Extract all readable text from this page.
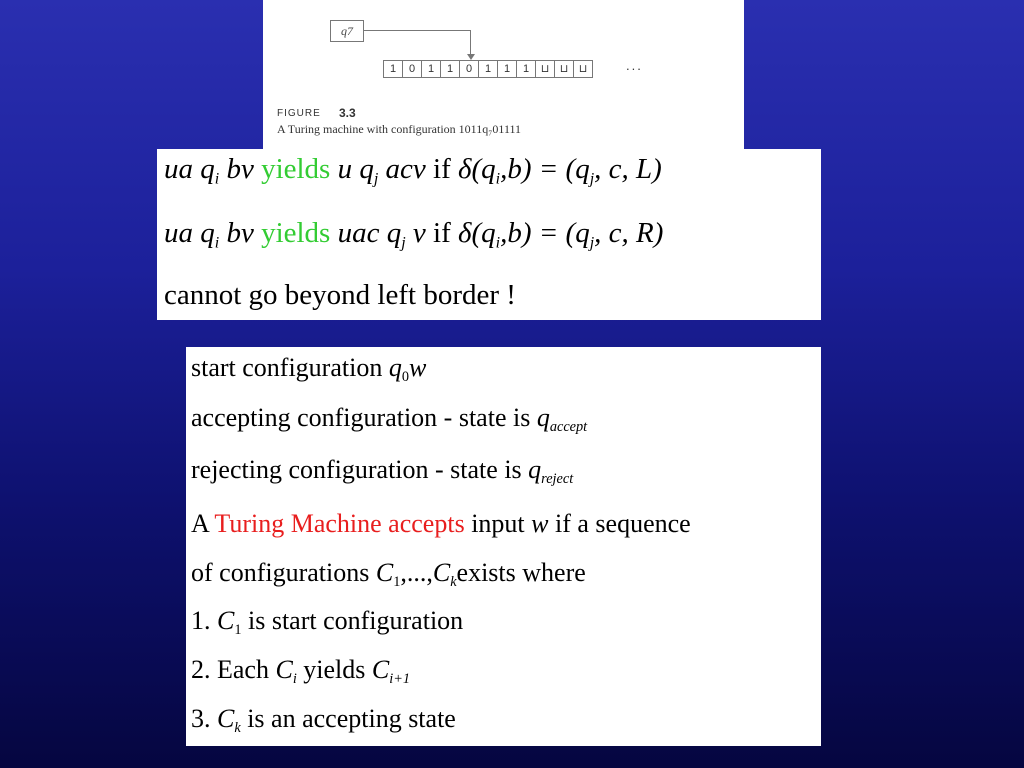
q7
1	0	1	1	0	1	1	1	⊔ ⊔ ⊔	...
FIGURE 3.3
A Turing machine with configuration 1011q₇01111
ua $q_i$ bv yields u $q_j$ acv if $\delta(q_i,b) = (q_j$, c, L)
ua $q_i$ bv yields uac $q_j$ v if $\delta(q_i,b) = (q_j$, c, R)
cannot go beyond left border !
start configuration $q_0w$
accepting configuration - state is $q_{accept}$
rejecting configuration - state is $q_{reject}$
A Turing Machine accepts input w if a sequence
of configurations $C_1,...,C_kexists$ where
1. $C_1$ is start configuration
2. Each $C_i$ yields $C_{i+1}$
3. $C_k$ is an accepting state
